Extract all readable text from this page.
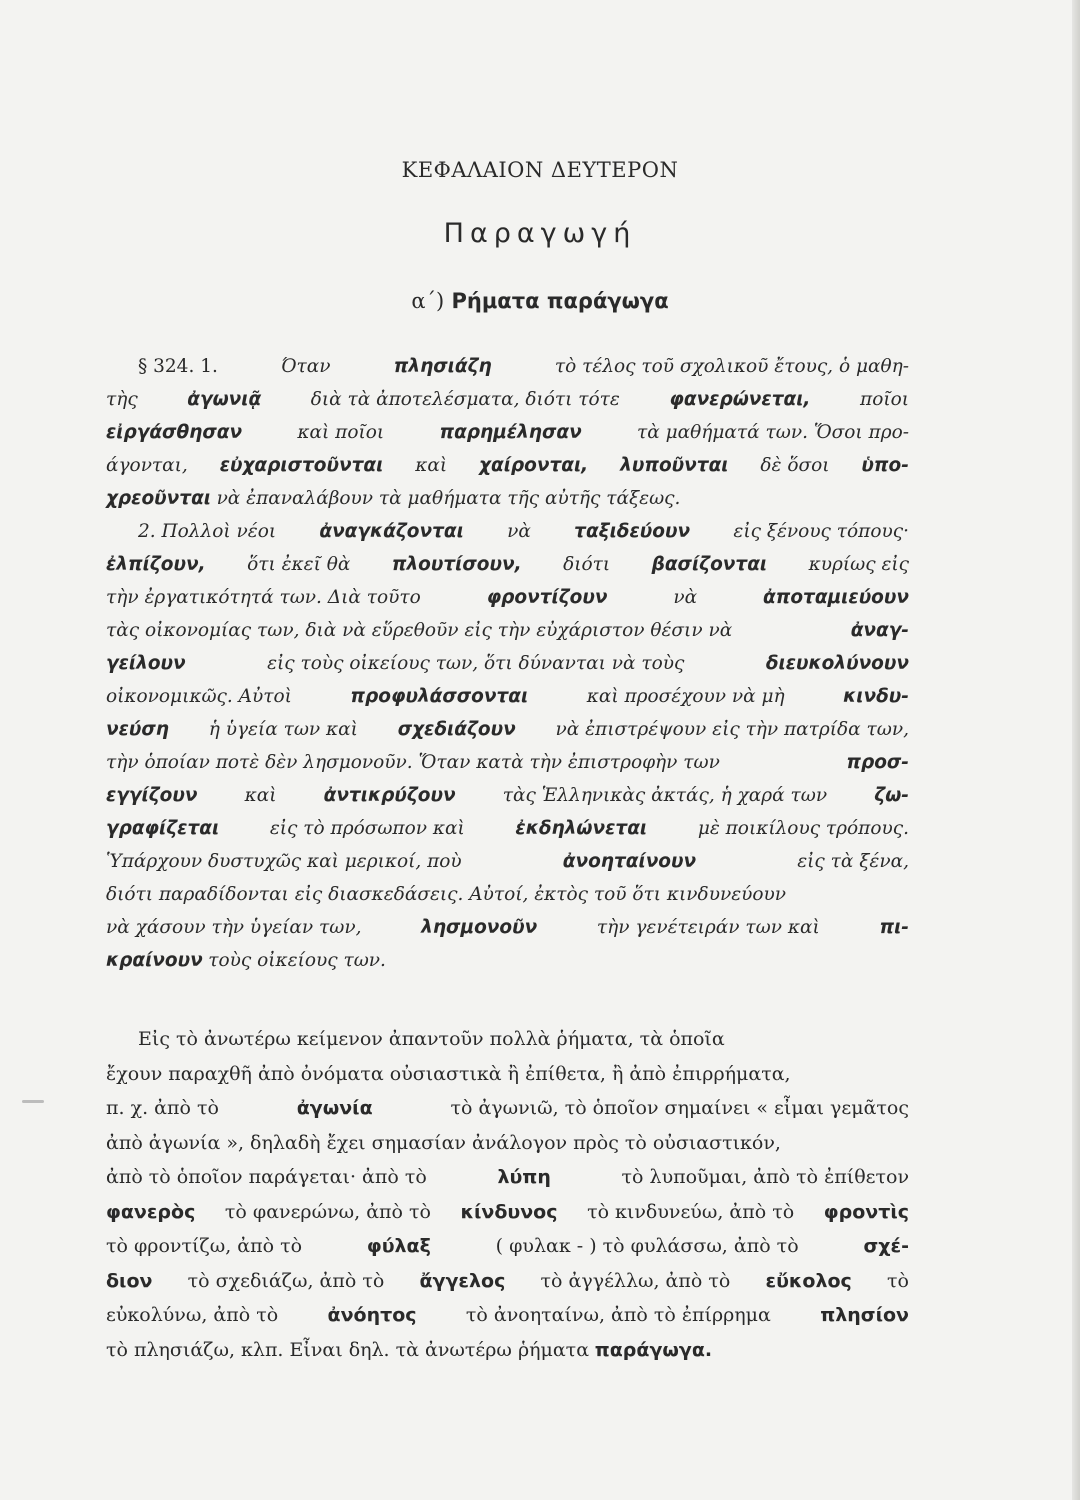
ΚΕΦΑΛΑΙΟΝ ΔΕΥΤΕΡΟΝ
Παραγωγή
α΄) Ρήματα παράγωγα
§ 324. 1.	Όταν	πλησιάζη	τὸ τέλος τοῦ σχολικοῦ ἔτους, ὁ μαθη-
τὴς	ἀγωνιᾷ	διὰ τὰ ἀποτελέσματα, διότι τότε	φανερώνεται,	ποῖοι
εἰργάσθησαν	καὶ ποῖοι	παρημέλησαν	τὰ μαθήματά των. Ὅσοι προ-
άγονται, εὐχαριστοῦνται καὶ χαίρονται, λυποῦνται δὲ ὅσοι ὑπο-
χρεοῦνται νὰ ἐπαναλάβουν τὰ μαθήματα τῆς αὐτῆς τάξεως.
2. Πολλοὶ νέοι ἀναγκάζονται νὰ ταξιδεύουν εἰς ξένους τόπους·
ἐλπίζουν, ὅτι ἐκεῖ θὰ πλουτίσουν, διότι βασίζονται κυρίως εἰς
τὴν ἐργατικότητά των. Διὰ τοῦτο	φροντίζουν	νὰ	ἀποταμιεύουν
τὰς οἰκονομίας των, διὰ νὰ εὕρεθοῦν εἰς τὴν εὐχάριστον θέσιν νὰ	ἀναγ-
γείλουν	εἰς τοὺς οἰκείους των, ὅτι δύνανται νὰ τοὺς	διευκολύνουν
οἰκονομικῶς. Αὐτοὶ	προφυλάσσονται	καὶ προσέχουν νὰ μὴ	κινδυ-
νεύση ἡ ὑγεία των καὶ σχεδιάζουν νὰ ἐπιστρέψουν εἰς τὴν πατρίδα των,
τὴν ὁποίαν ποτὲ δὲν λησμονοῦν. Ὅταν κατὰ τὴν ἐπιστροφὴν των	προσ-
εγγίζουν	καὶ	ἀντικρύζουν	τὰς Ἑλληνικὰς ἀκτάς, ἡ χαρά των	ζω-
γραφίζεται	εἰς τὸ πρόσωπον καὶ	ἐκδηλώνεται	μὲ ποικίλους τρόπους.
Ὑπάρχουν δυστυχῶς καὶ μερικοί, ποὺ	ἀνοηταίνουν	εἰς τὰ ξένα,
διότι παραδίδονται εἰς διασκεδάσεις. Αὐτοί, ἐκτὸς τοῦ ὅτι κινδυνεύουν
νὰ χάσουν τὴν ὑγείαν των,	λησμονοῦν	τὴν γενέτειράν των καὶ	πι-
κραίνουν τοὺς οἰκείους των.
Εἰς τὸ ἀνωτέρω κείμενον ἀπαντοῦν πολλὰ ῥήματα, τὰ ὁποῖα
ἔχουν παραχθῆ ἀπὸ ὀνόματα οὐσιαστικὰ ἢ ἐπίθετα, ἢ ἀπὸ ἐπιρρήματα,
π. χ. ἀπὸ τὸ	ἀγωνία	τὸ ἀγωνιῶ, τὸ ὁποῖον σημαίνει « εἶμαι γεμᾶτος
ἀπὸ ἀγωνία », δηλαδὴ ἔχει σημασίαν ἀνάλογον πρὸς τὸ οὐσιαστικόν,
ἀπὸ τὸ ὁποῖον παράγεται· ἀπὸ τὸ	λύπη	τὸ λυποῦμαι, ἀπὸ τὸ ἐπίθετον
φανερὸς τὸ φανερώνω, ἀπὸ τὸ κίνδυνος τὸ κινδυνεύω, ἀπὸ τὸ φροντὶς
τὸ φροντίζω, ἀπὸ τὸ	φύλαξ	( φυλακ - ) τὸ φυλάσσω, ἀπὸ τὸ	σχέ-
διον τὸ σχεδιάζω, ἀπὸ τὸ ἄγγελος τὸ ἀγγέλλω, ἀπὸ τὸ εὔκολος τὸ
εὐκολύνω, ἀπὸ τὸ	ἀνόητος	τὸ ἀνοηταίνω, ἀπὸ τὸ ἐπίρρημα	πλησίον
τὸ πλησιάζω, κλπ. Εἶναι δηλ. τὰ ἀνωτέρω ῥήματα παράγωγα.
